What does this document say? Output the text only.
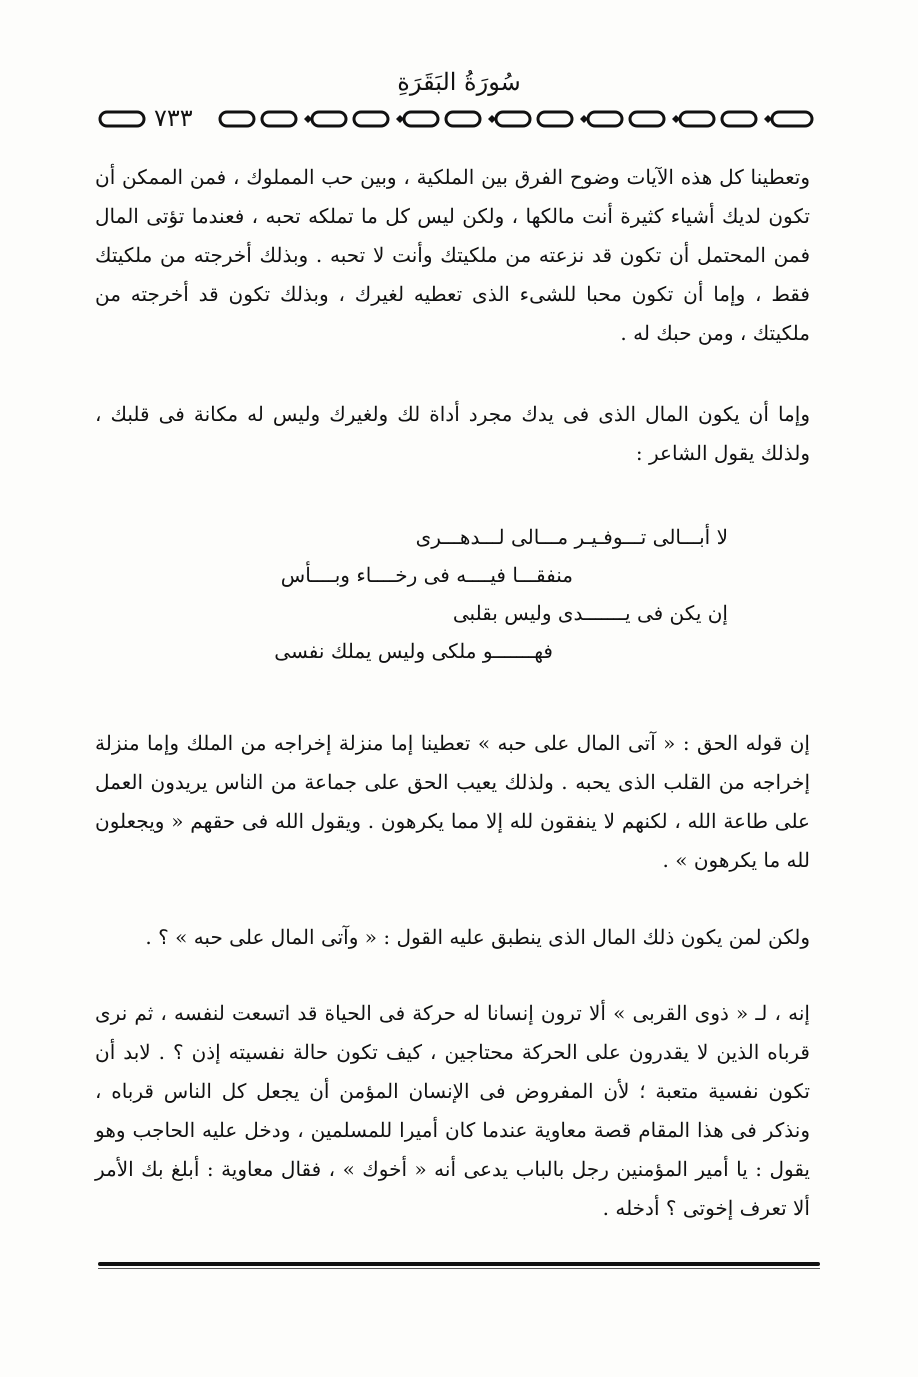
سُورَةُ البَقَرَةِ
٧٣٣

وتعطينا كل هذه الآيات وضوح الفرق بين الملكية ، وبين حب المملوك ، فمن الممكن أن تكون لديك أشياء كثيرة أنت مالكها ، ولكن ليس كل ما تملكه تحبه ، فعندما تؤتى المال فمن المحتمل أن تكون قد نزعته من ملكيتك وأنت لا تحبه . وبذلك أخرجته من ملكيتك فقط ، وإما أن تكون محبا للشىء الذى تعطيه لغيرك ، وبذلك تكون قد أخرجته من ملكيتك ، ومن حبك له .

وإما أن يكون المال الذى فى يدك مجرد أداة لك ولغيرك وليس له مكانة فى قلبك ، ولذلك يقول الشاعر :

لا أبـــالى تـــوفـيـر مـــالى لـــدهـــرى
منفقـــا فيــــه فى رخــــاء وبــــأس
إن يكن فى يـــــــدى وليس بقلبى
فهـــــــو ملكى وليس يملك نفسى

إن قوله الحق : « آتى المال على حبه » تعطينا إما منزلة إخراجه من الملك وإما منزلة إخراجه من القلب الذى يحبه . ولذلك يعيب الحق على جماعة من الناس يريدون العمل على طاعة الله ، لكنهم لا ينفقون لله إلا مما يكرهون . ويقول الله فى حقهم « ويجعلون لله ما يكرهون » .

ولكن لمن يكون ذلك المال الذى ينطبق عليه القول : « وآتى المال على حبه » ؟ .

إنه ، لـ « ذوى القربى » ألا ترون إنسانا له حركة فى الحياة قد اتسعت لنفسه ، ثم نرى قرباه الذين لا يقدرون على الحركة محتاجين ، كيف تكون حالة نفسيته إذن ؟ . لابد أن تكون نفسية متعبة ؛ لأن المفروض فى الإنسان المؤمن أن يجعل كل الناس قرباه ، ونذكر فى هذا المقام قصة معاوية عندما كان أميرا للمسلمين ، ودخل عليه الحاجب وهو يقول : يا أمير المؤمنين رجل بالباب يدعى أنه « أخوك » ، فقال معاوية : أبلغ بك الأمر ألا تعرف إخوتى ؟ أدخله .
